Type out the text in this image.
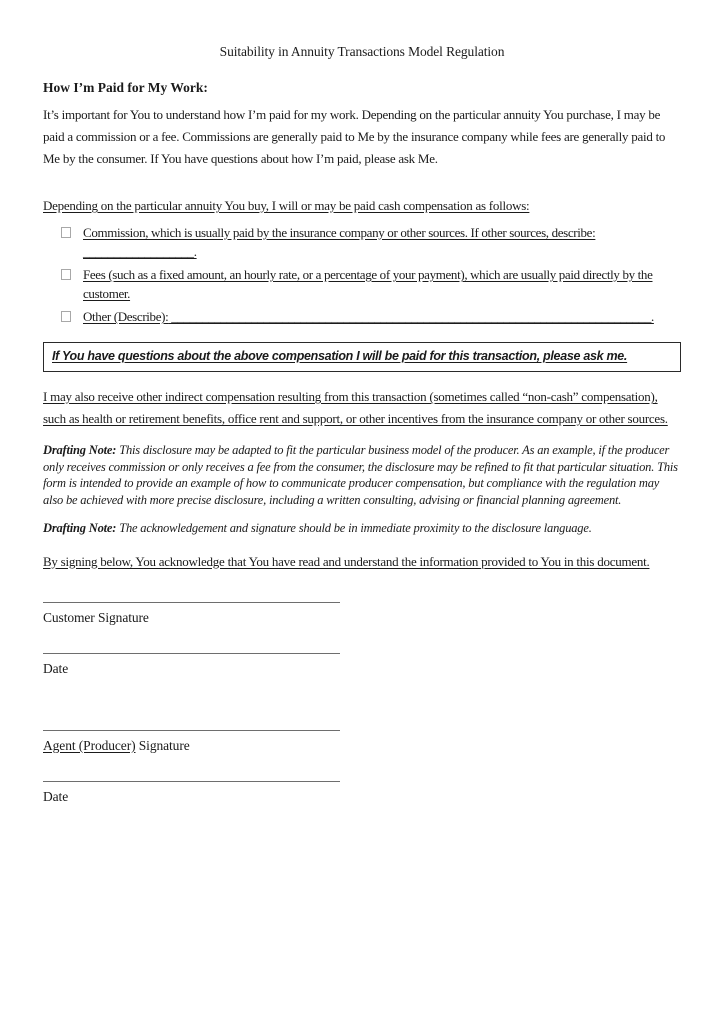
Suitability in Annuity Transactions Model Regulation
How I’m Paid for My Work:

It’s important for You to understand how I’m paid for my work. Depending on the particular annuity You purchase, I may be paid a commission or a fee. Commissions are generally paid to Me by the insurance company while fees are generally paid to Me by the consumer. If You have questions about how I’m paid, please ask Me.

Depending on the particular annuity You buy, I will or may be paid cash compensation as follows:

Commission, which is usually paid by the insurance company or other sources. If other sources, describe:
__________________.
Fees (such as a fixed amount, an hourly rate, or a percentage of your payment), which are usually paid directly by the customer.
Other (Describe): ______________________________________________________________________________.
If You have questions about the above compensation I will be paid for this transaction, please ask me.

I may also receive other indirect compensation resulting from this transaction (sometimes called “non-cash” compensation), such as health or retirement benefits, office rent and support, or other incentives from the insurance company or other sources.

Drafting Note: This disclosure may be adapted to fit the particular business model of the producer. As an example, if the producer only receives commission or only receives a fee from the consumer, the disclosure may be refined to fit that particular situation. This form is intended to provide an example of how to communicate producer compensation, but compliance with the regulation may also be achieved with more precise disclosure, including a written consulting, advising or financial planning agreement.

Drafting Note: The acknowledgement and signature should be in immediate proximity to the disclosure language.

By signing below, You acknowledge that You have read and understand the information provided to You in this document.

Customer Signature
Date
Agent (Producer) Signature
Date
